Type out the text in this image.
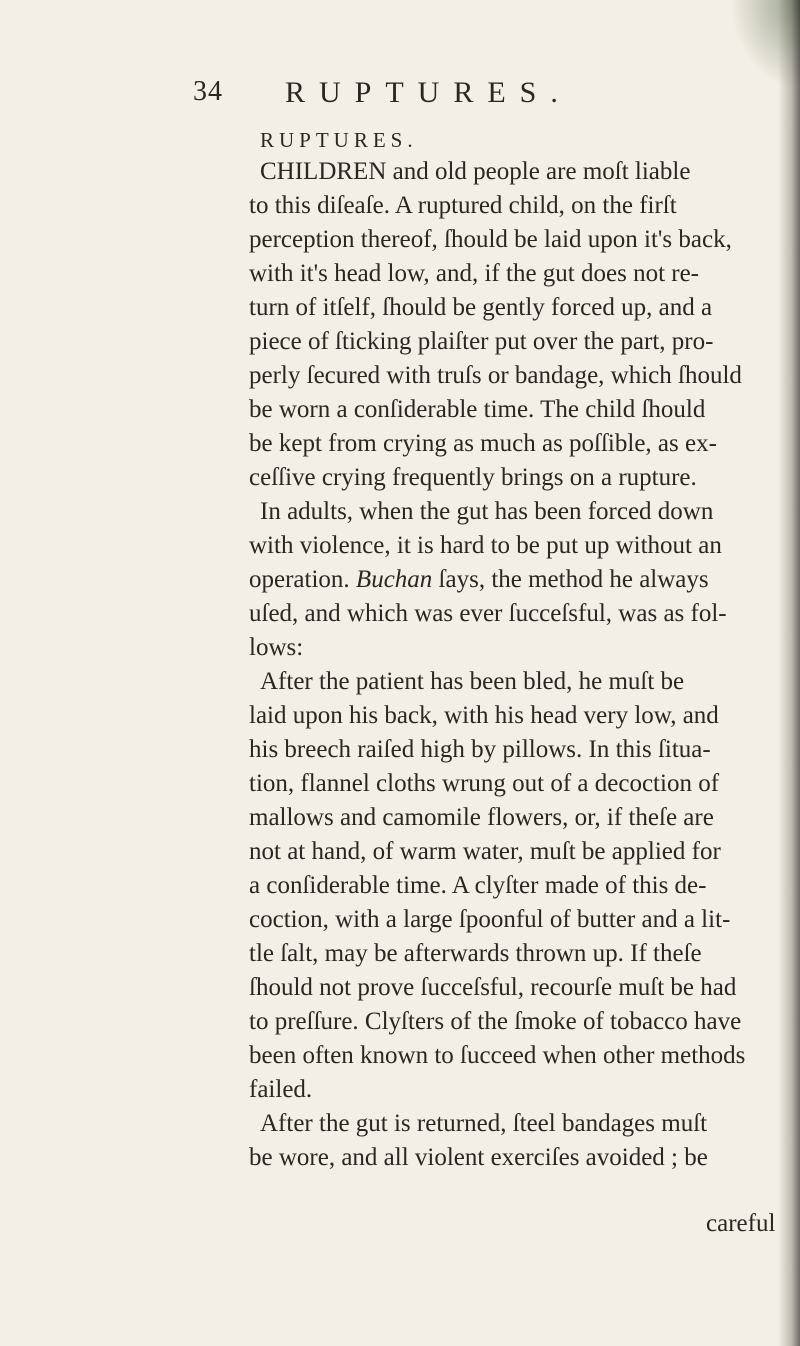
34 RUPTURES.
RUPTURES.
CHILDREN and old people are moſt liable
to this diſeaſe. A ruptured child, on the firſt
perception thereof, ſhould be laid upon it's back,
with it's head low, and, if the gut does not re-
turn of itſelf, ſhould be gently forced up, and a
piece of ſticking plaiſter put over the part, pro-
perly ſecured with truſs or bandage, which ſhould
be worn a conſiderable time. The child ſhould
be kept from crying as much as poſſible, as ex-
ceſſive crying frequently brings on a rupture.
In adults, when the gut has been forced down
with violence, it is hard to be put up without an
operation. Buchan ſays, the method he always
uſed, and which was ever ſucceſsful, was as fol-
lows:
After the patient has been bled, he muſt be
laid upon his back, with his head very low, and
his breech raiſed high by pillows. In this ſitua-
tion, flannel cloths wrung out of a decoction of
mallows and camomile flowers, or, if theſe are
not at hand, of warm water, muſt be applied for
a conſiderable time. A clyſter made of this de-
coction, with a large ſpoonful of butter and a lit-
tle ſalt, may be afterwards thrown up. If theſe
ſhould not prove ſucceſsful, recourſe muſt be had
to preſſure. Clyſters of the ſmoke of tobacco have
been often known to ſucceed when other methods
failed.
After the gut is returned, ſteel bandages muſt
be wore, and all violent exerciſes avoided ; be
careful
